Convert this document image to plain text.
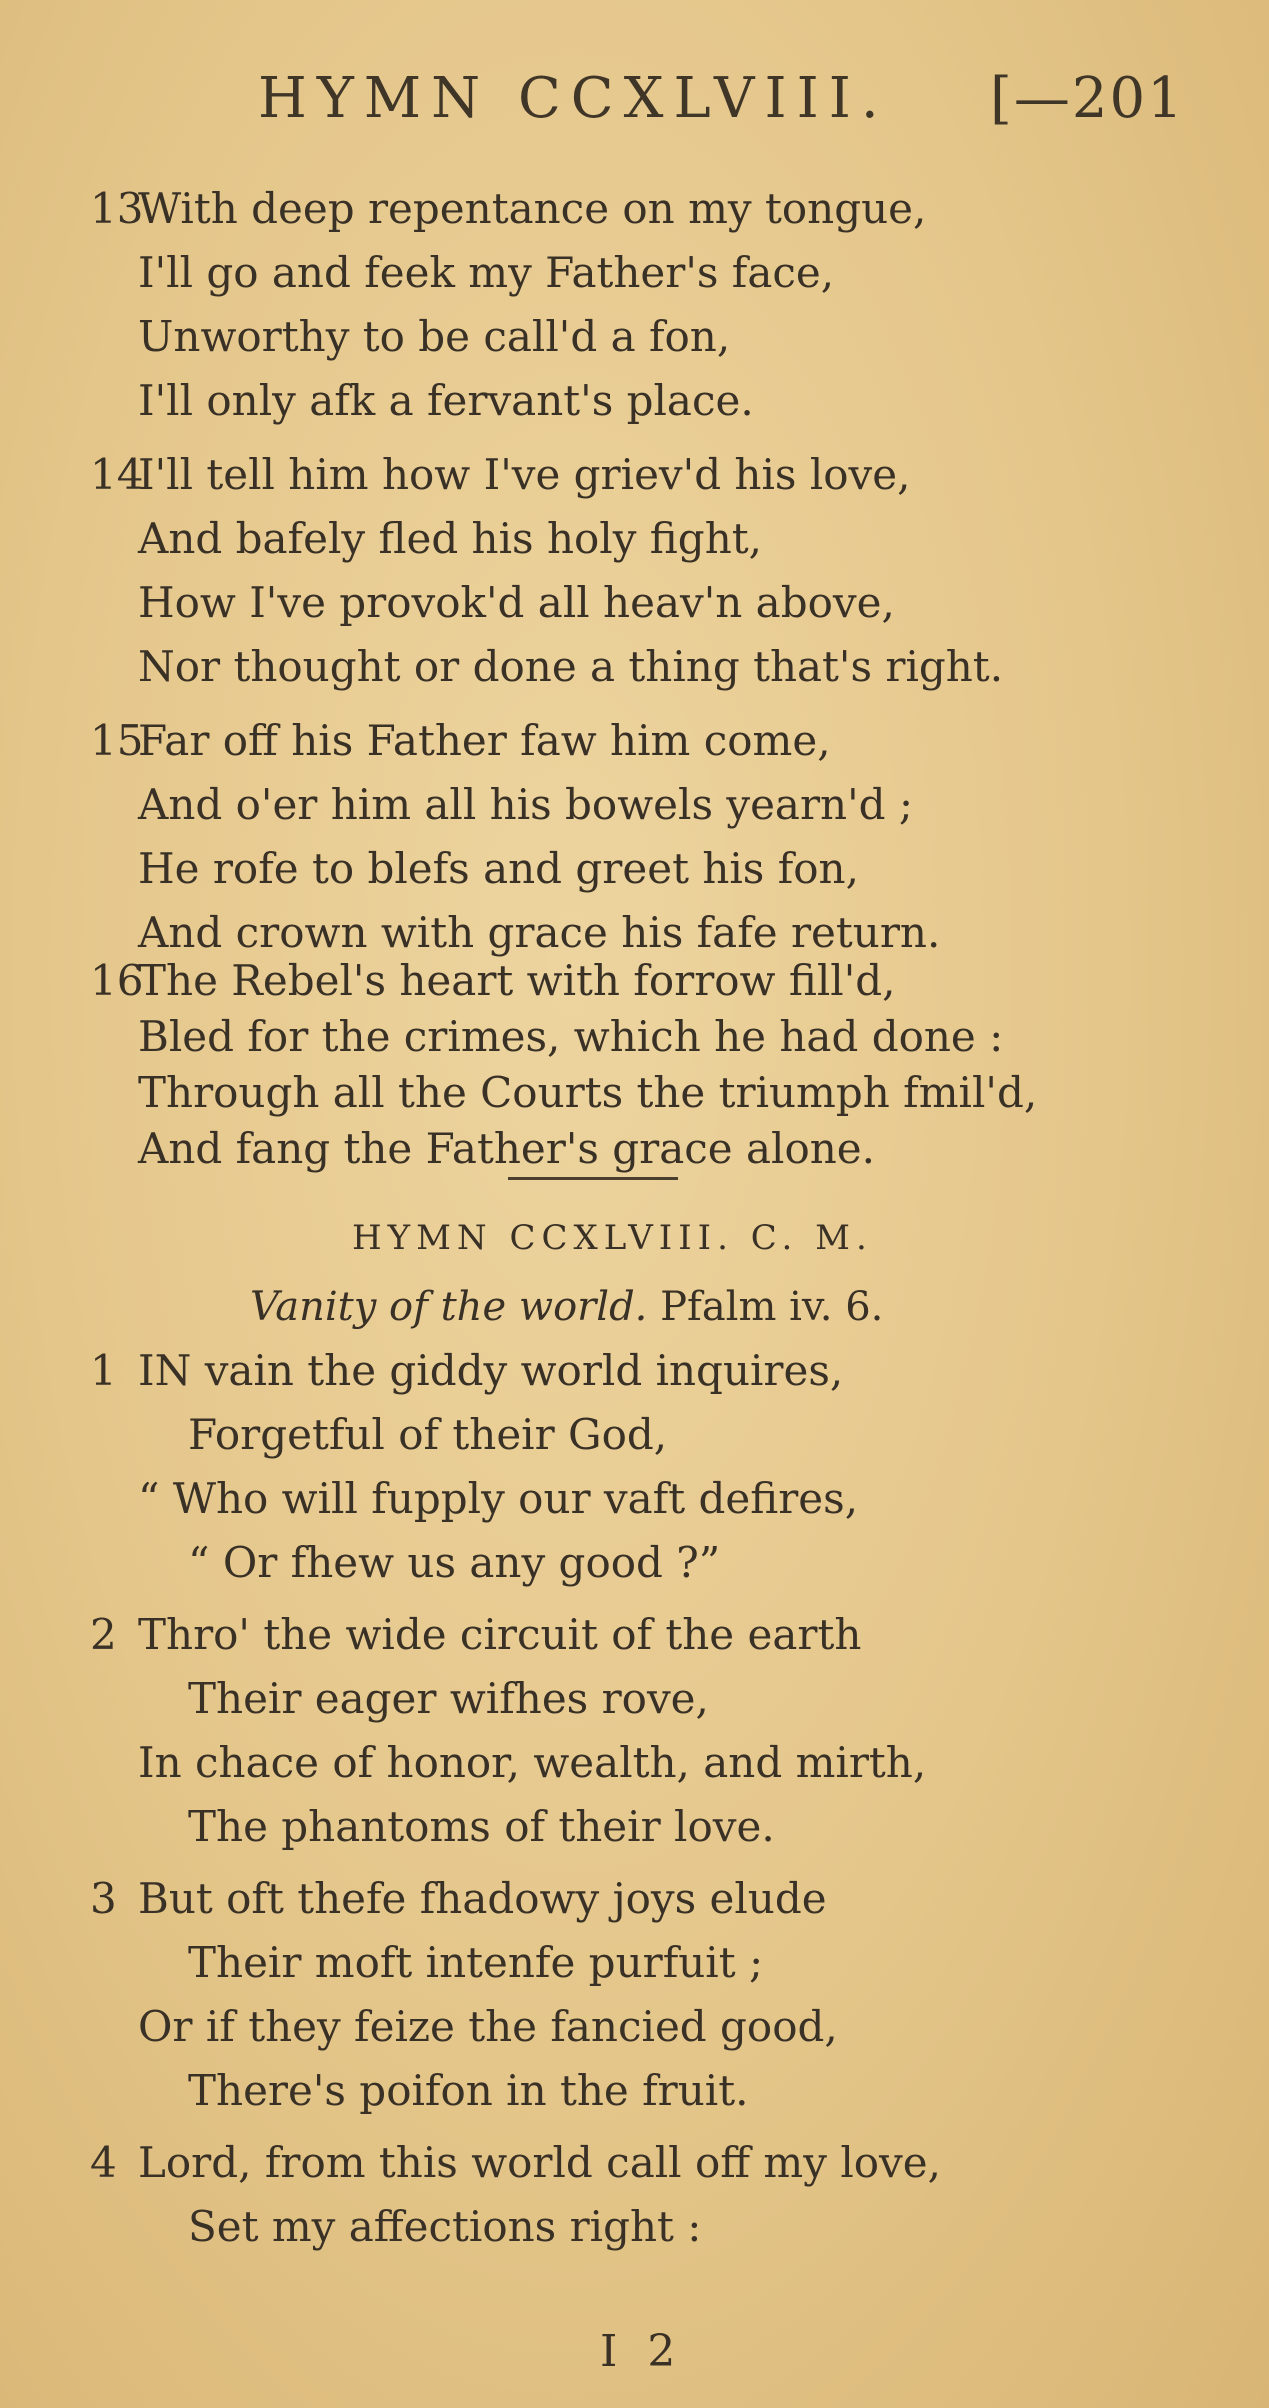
HYMN CCXLVIII. [—201
13With deep repentance on my tongue,
I'll go and feek my Father's face,
Unworthy to be call'd a fon,
I'll only afk a fervant's place.
14I'll tell him how I've griev'd his love,
And bafely fled his holy fight,
How I've provok'd all heav'n above,
Nor thought or done a thing that's right.
15Far off his Father faw him come,
And o'er him all his bowels yearn'd ;
He rofe to blefs and greet his fon,
And crown with grace his fafe return.
16The Rebel's heart with forrow fill'd,
Bled for the crimes, which he had done :
Through all the Courts the triumph fmil'd,
And fang the Father's grace alone.
HYMN CCXLVIII. C. M.
Vanity of the world. Pfalm iv. 6.
1 IN vain the giddy world inquires,
Forgetful of their God,
“ Who will fupply our vaft defires,
“ Or fhew us any good ?”
2 Thro' the wide circuit of the earth
Their eager wifhes rove,
In chace of honor, wealth, and mirth,
The phantoms of their love.
3 But oft thefe fhadowy joys elude
Their moft intenfe purfuit ;
Or if they feize the fancied good,
There's poifon in the fruit.
4 Lord, from this world call off my love,
Set my affections right :
I 2
